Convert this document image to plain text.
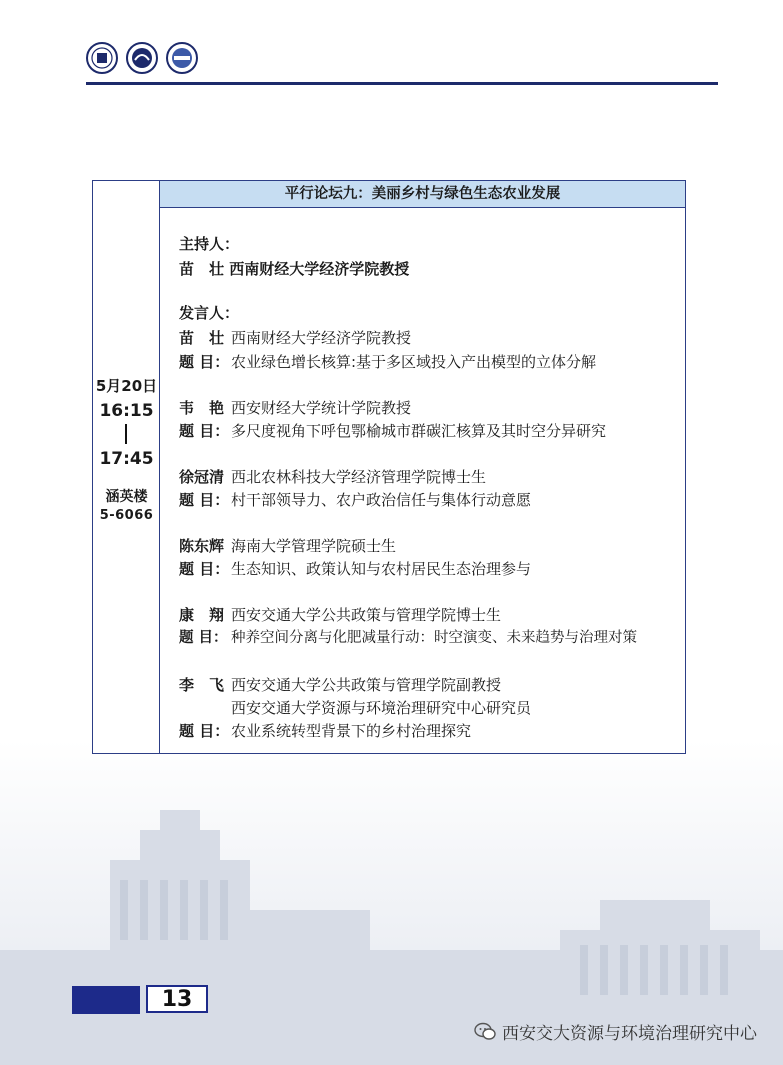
5月20日
16:15
17:45
涵英楼
5-6066
平行论坛九：美丽乡村与绿色生态农业发展
主持人：
苗　壮 西南财经大学经济学院教授
发言人：
苗　壮 西南财经大学经济学院教授
题 目： 农业绿色增长核算:基于多区域投入产出模型的立体分解
韦　艳 西安财经大学统计学院教授
题 目： 多尺度视角下呼包鄂榆城市群碳汇核算及其时空分异研究
徐冠清 西北农林科技大学经济管理学院博士生
题 目： 村干部领导力、农户政治信任与集体行动意愿
陈东辉 海南大学管理学院硕士生
题 目： 生态知识、政策认知与农村居民生态治理参与
康　翔 西安交通大学公共政策与管理学院博士生
题 目： 种养空间分离与化肥减量行动：时空演变、未来趋势与治理对策
李　飞 西安交通大学公共政策与管理学院副教授
西安交通大学资源与环境治理研究中心研究员
题 目： 农业系统转型背景下的乡村治理探究
13
西安交大资源与环境治理研究中心
